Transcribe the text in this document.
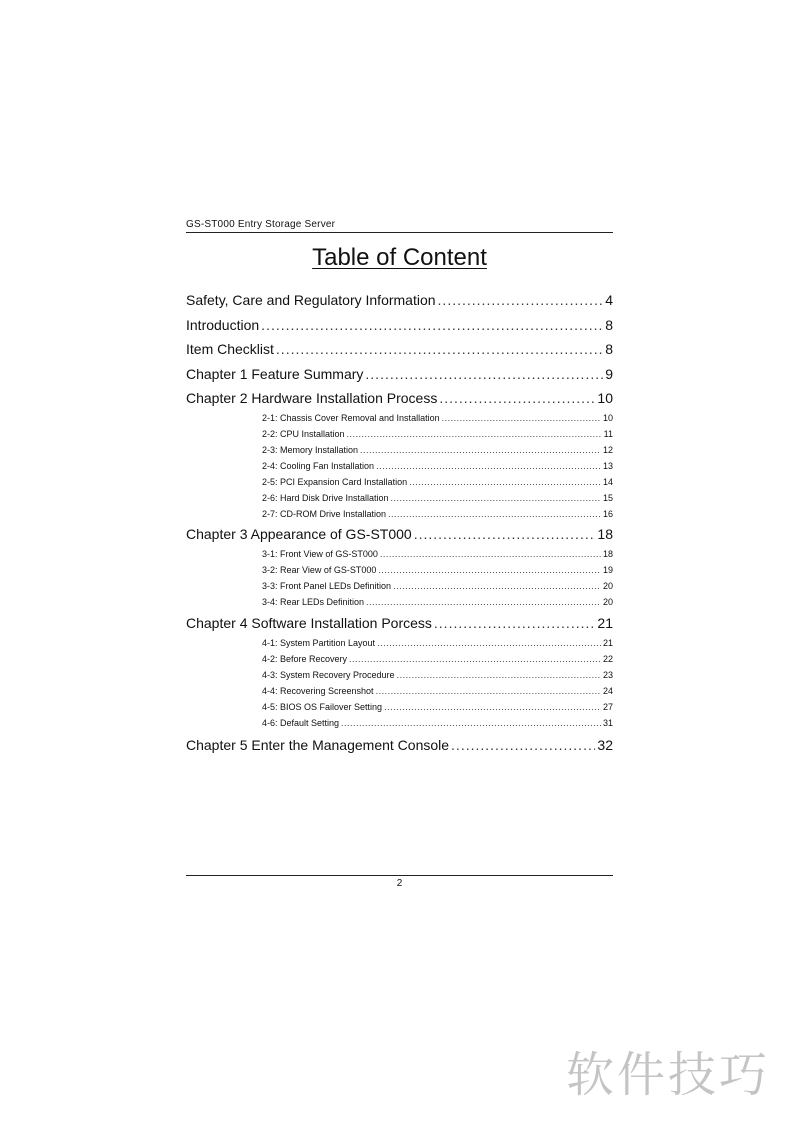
GS-ST000 Entry Storage Server
Table of Content
Safety, Care and Regulatory Information .....	4
Introduction .....	8
Item Checklist .....	8
Chapter 1 Feature Summary .....	9
Chapter 2 Hardware Installation Process .....	10
2-1: Chassis Cover Removal and Installation .....	10
2-2: CPU Installation .....	11
2-3: Memory Installation .....	12
2-4: Cooling Fan Installation .....	13
2-5: PCI Expansion Card Installation .....	14
2-6: Hard Disk Drive Installation .....	15
2-7: CD-ROM Drive Installation .....	16
Chapter 3 Appearance of GS-ST000 .....	18
3-1: Front View of GS-ST000 .....	18
3-2: Rear View of GS-ST000 .....	19
3-3: Front Panel LEDs Definition .....	20
3-4: Rear LEDs Definition .....	20
Chapter 4 Software Installation Porcess .....	21
4-1: System Partition Layout .....	21
4-2: Before Recovery .....	22
4-3: System Recovery Procedure .....	23
4-4: Recovering Screenshot .....	24
4-5: BIOS OS Failover Setting .....	27
4-6: Default Setting .....	31
Chapter 5 Enter the Management Console .....	32
2
软件技巧
